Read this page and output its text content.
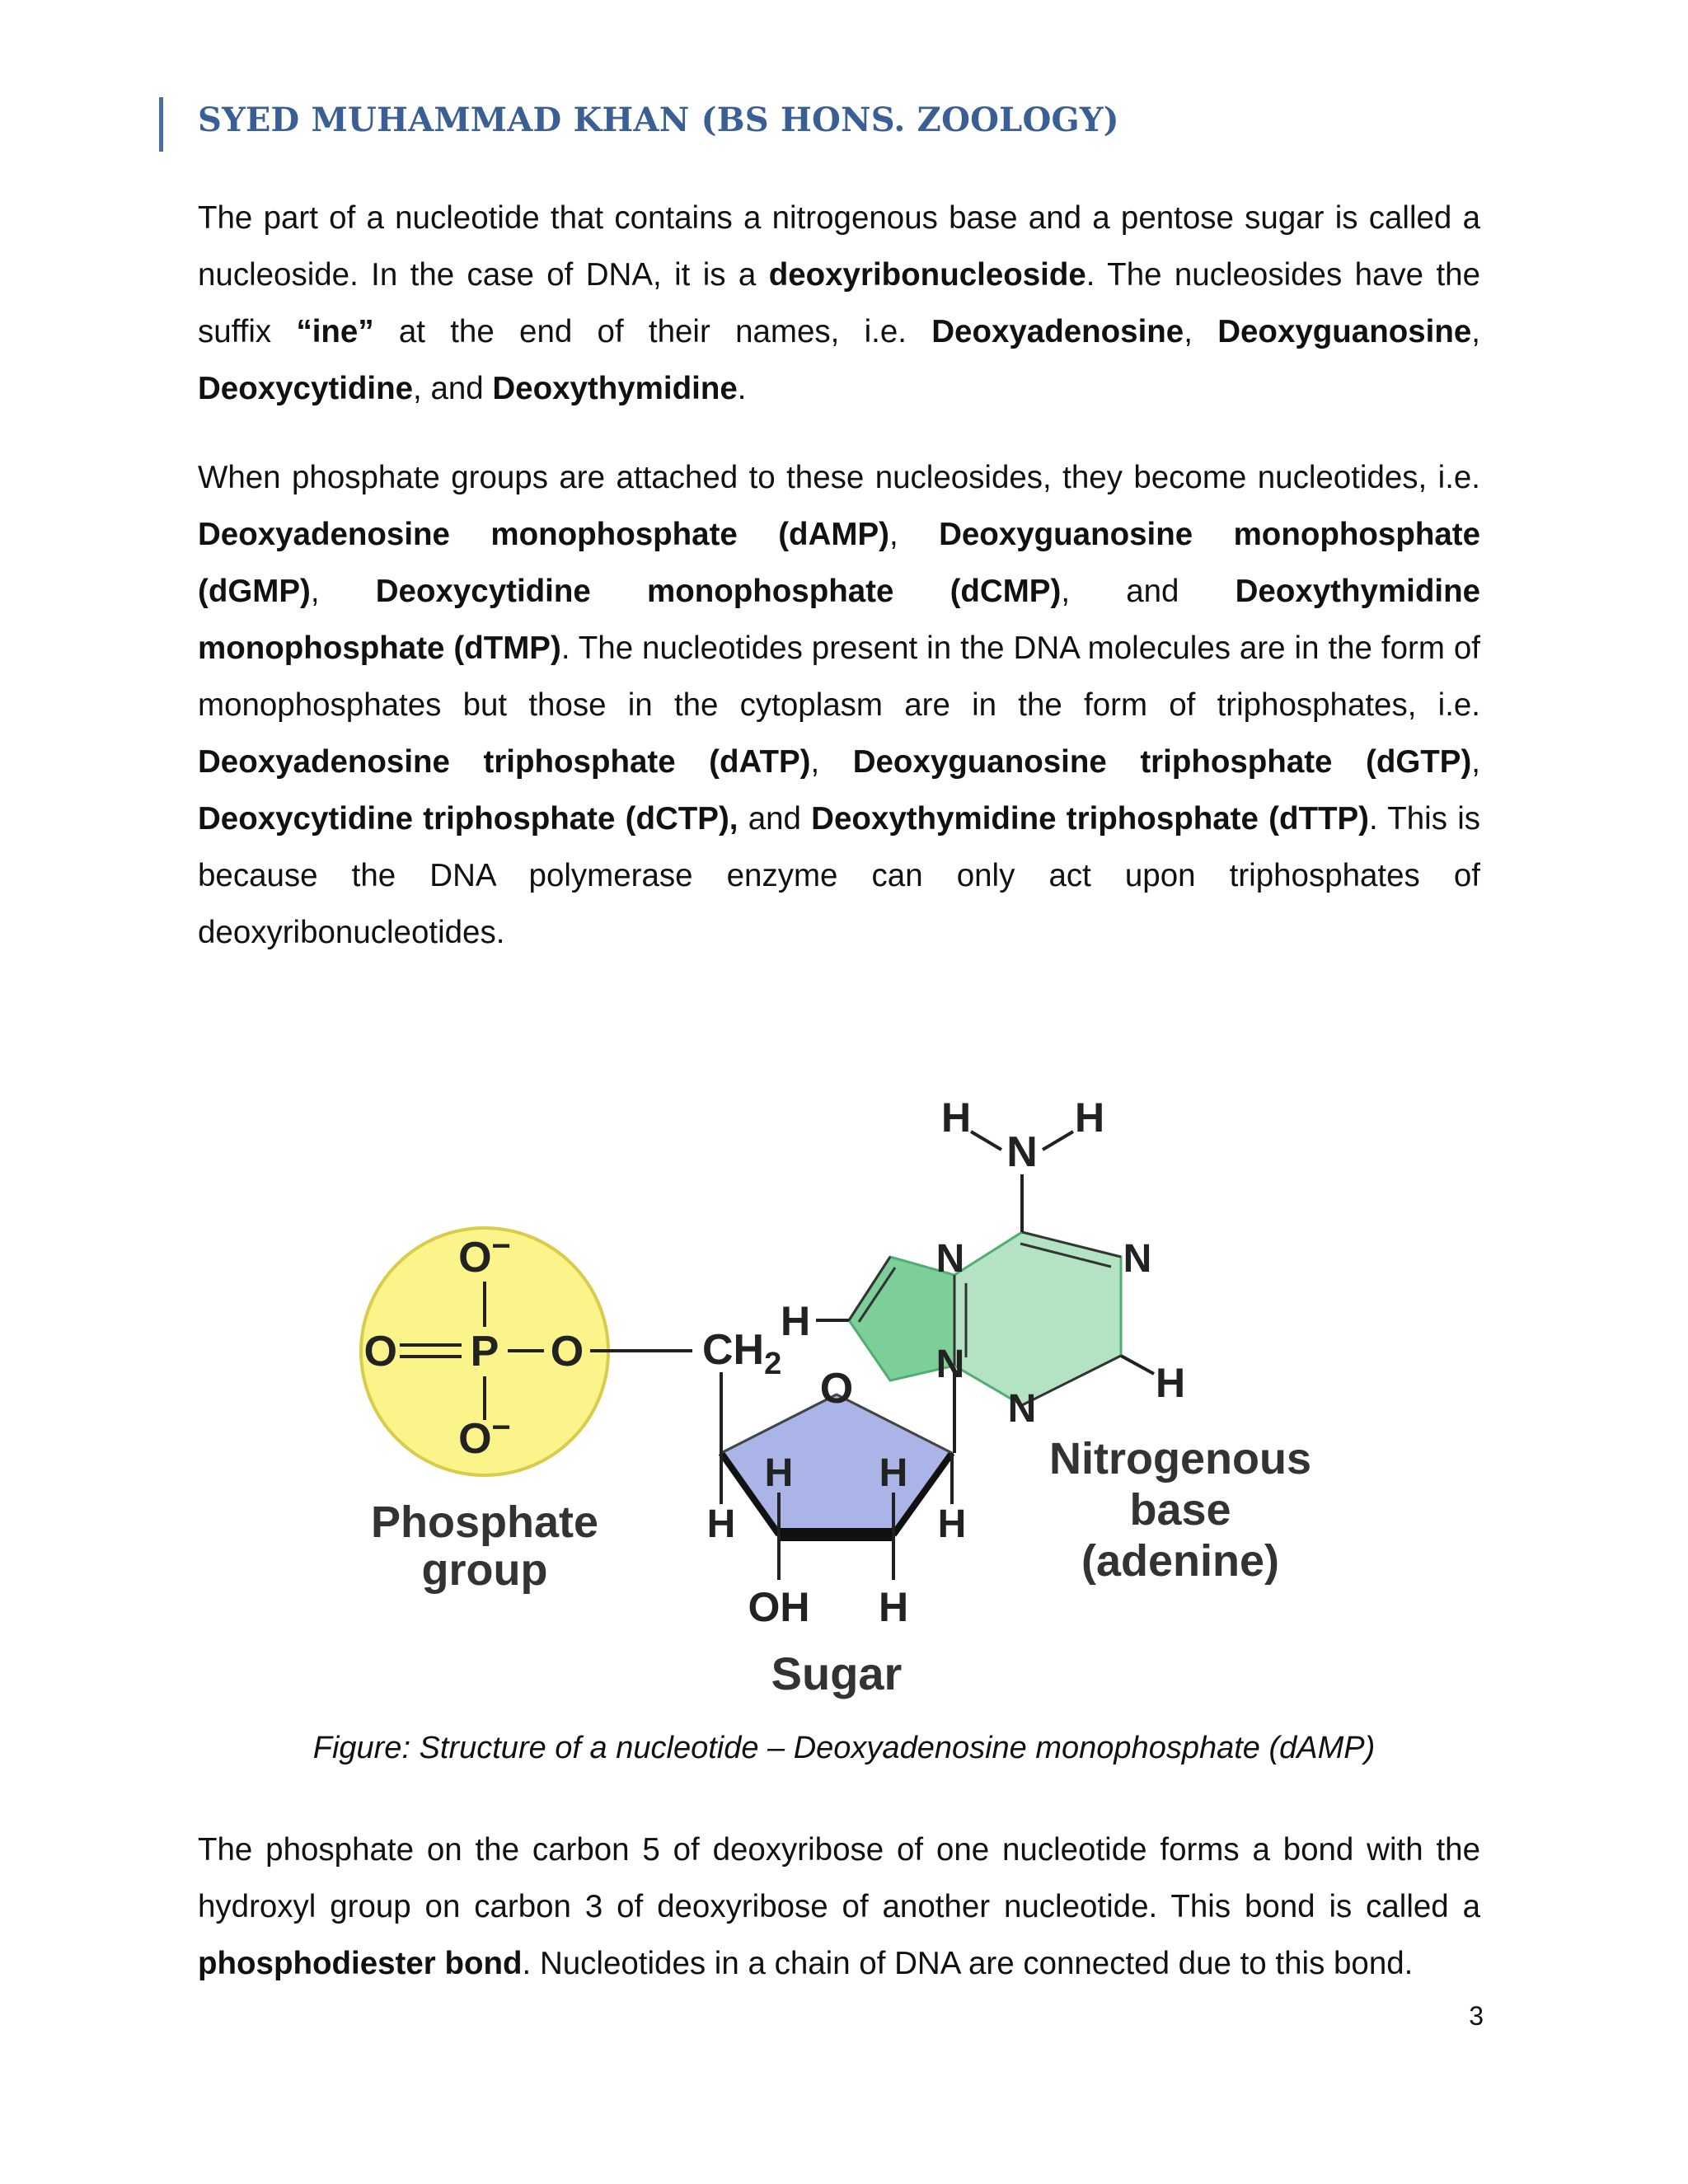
SYED MUHAMMAD KHAN (BS HONS. ZOOLOGY)

The part of a nucleotide that contains a nitrogenous base and a pentose sugar is called a nucleoside. In the case of DNA, it is a deoxyribonucleoside. The nucleosides have the suffix “ine” at the end of their names, i.e. Deoxyadenosine, Deoxyguanosine, Deoxycytidine, and Deoxythymidine.

When phosphate groups are attached to these nucleosides, they become nucleotides, i.e. Deoxyadenosine monophosphate (dAMP), Deoxyguanosine monophosphate (dGMP), Deoxycytidine monophosphate (dCMP), and Deoxythymidine monophosphate (dTMP). The nucleotides present in the DNA molecules are in the form of monophosphates but those in the cytoplasm are in the form of triphosphates, i.e. Deoxyadenosine triphosphate (dATP), Deoxyguanosine triphosphate (dGTP), Deoxycytidine triphosphate (dCTP), and Deoxythymidine triphosphate (dTTP). This is because the DNA polymerase enzyme can only act upon triphosphates of deoxyribonucleotides.

O−
P
O	O
O−
Phosphate
group
$CH_2$
O
H H
H	H
OH H
Sugar
N
H	H
N	N
N
N
H
H
Nitrogenous
base
(adenine)
Figure: Structure of a nucleotide – Deoxyadenosine monophosphate (dAMP)

The phosphate on the carbon 5 of deoxyribose of one nucleotide forms a bond with the hydroxyl group on carbon 3 of deoxyribose of another nucleotide. This bond is called a phosphodiester bond. Nucleotides in a chain of DNA are connected due to this bond.

3
